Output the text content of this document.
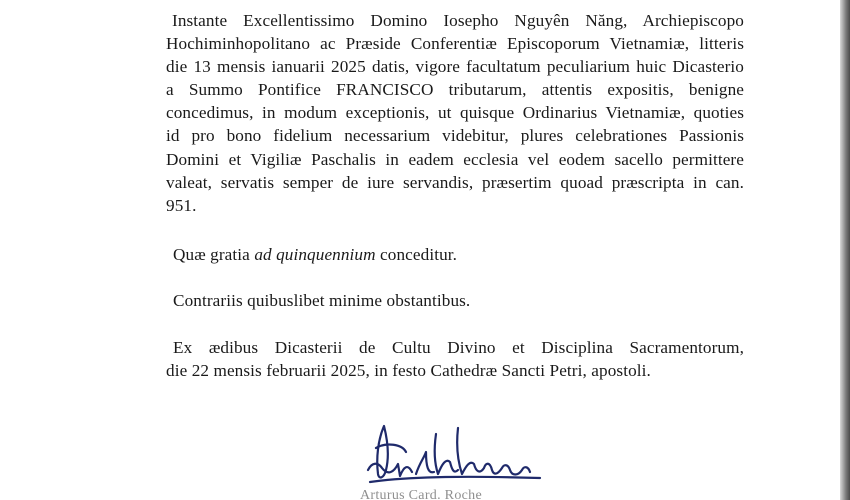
Instante Excellentissimo Domino Iosepho Nguyên Năng, Archiepiscopo
Hochiminhopolitano ac Præside Conferentiæ Episcoporum Vietnamiæ, litteris
die 13 mensis ianuarii 2025 datis, vigore facultatum peculiarium huic Dicasterio
a Summo Pontifice FRANCISCO tributarum, attentis expositis, benigne
concedimus, in modum exceptionis, ut quisque Ordinarius Vietnamiæ, quoties
id pro bono fidelium necessarium videbitur, plures celebrationes Passionis
Domini et Vigiliæ Paschalis in eadem ecclesia vel eodem sacello permittere
valeat, servatis semper de iure servandis, præsertim quoad præscripta in can.
951.

Quæ gratia ad quinquennium conceditur.

Contrariis quibuslibet minime obstantibus.

Ex ædibus Dicasterii de Cultu Divino et Disciplina Sacramentorum,
die 22 mensis februarii 2025, in festo Cathedræ Sancti Petri, apostoli.

Arturus Card. Roche
